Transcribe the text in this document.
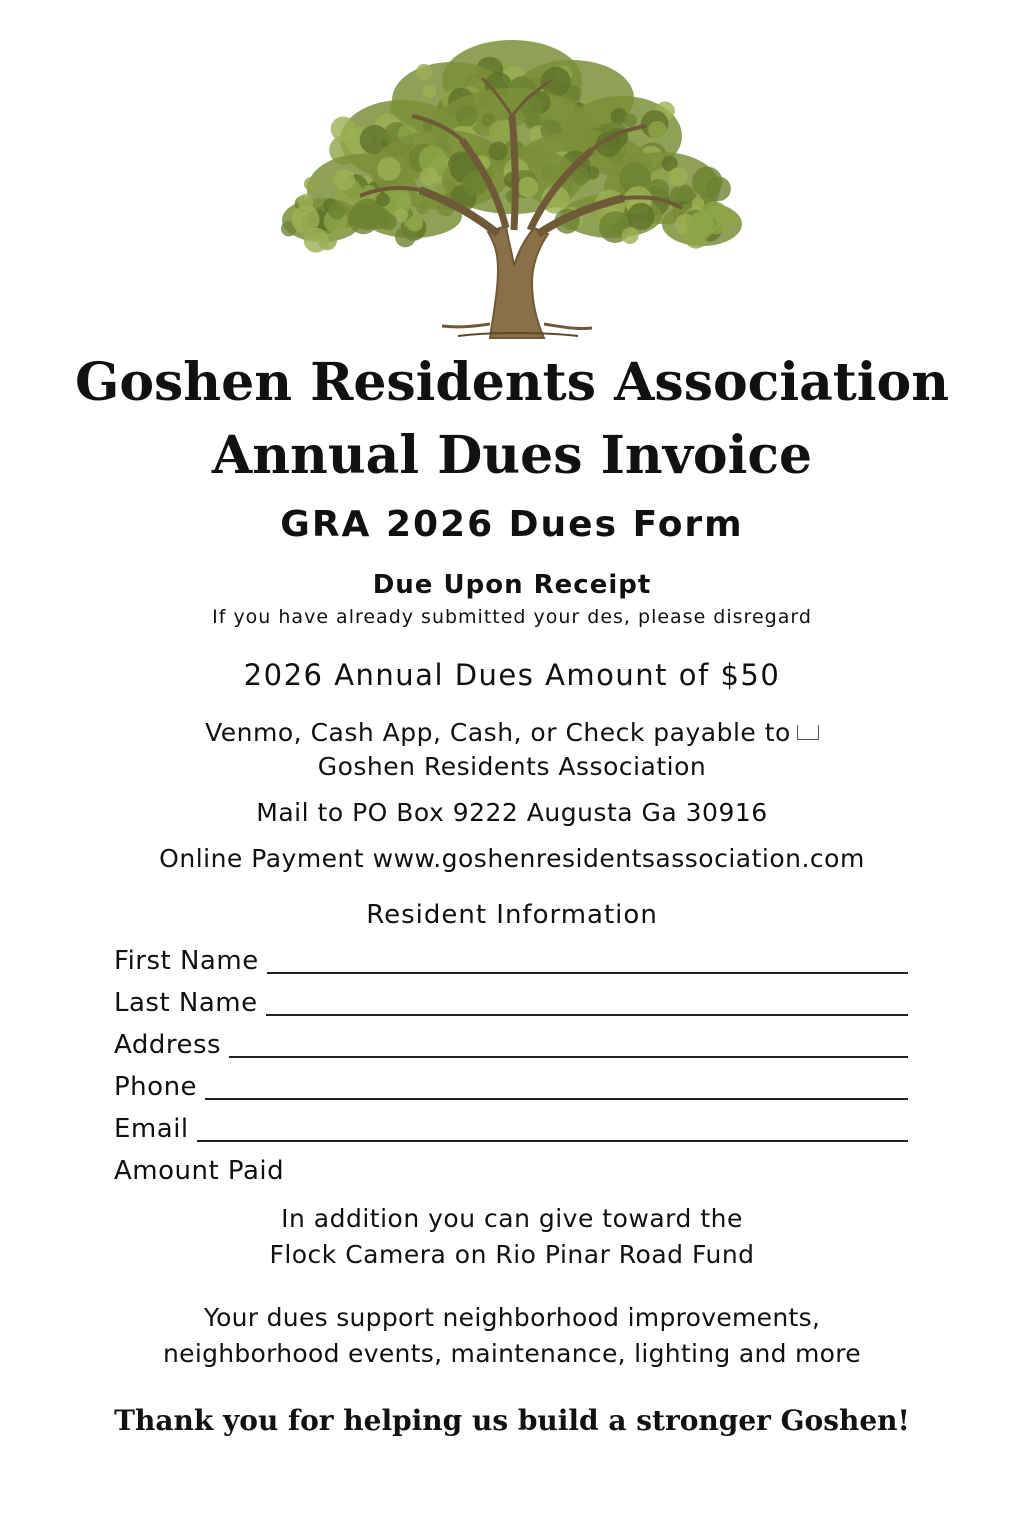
Goshen Residents Association
Annual Dues Invoice
GRA 2026 Dues Form
Due Upon Receipt
If you have already submitted your des, please disregard
2026 Annual Dues Amount of $50
Venmo, Cash App, Cash, or Check payable to
Goshen Residents Association
Mail to PO Box 9222 Augusta Ga 30916
Online Payment www.goshenresidentsassociation.com
Resident Information
First Name
Last Name
Address
Phone
Email
Amount Paid
In addition you can give toward the
Flock Camera on Rio Pinar Road Fund
Your dues support neighborhood improvements,
neighborhood events, maintenance, lighting and more
Thank you for helping us build a stronger Goshen!
